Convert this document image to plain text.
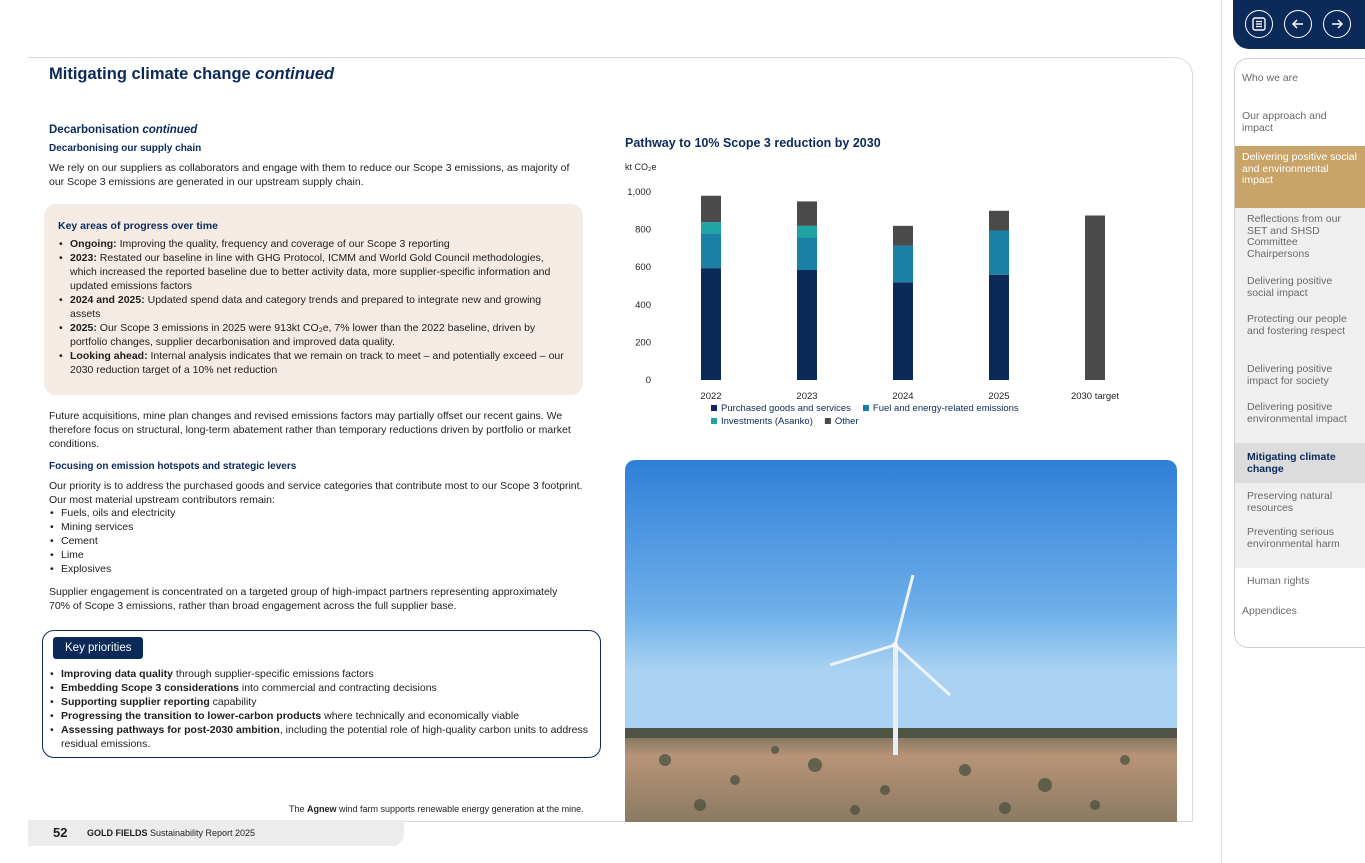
Mitigating climate change continued
Decarbonisation continued
Decarbonising our supply chain
We rely on our suppliers as collaborators and engage with them to reduce our Scope 3 emissions, as majority of our Scope 3 emissions are generated in our upstream supply chain.
Key areas of progress over time
• Ongoing: Improving the quality, frequency and coverage of our Scope 3 reporting
• 2023: Restated our baseline in line with GHG Protocol, ICMM and World Gold Council methodologies, which increased the reported baseline due to better activity data, more supplier-specific information and updated emissions factors
• 2024 and 2025: Updated spend data and category trends and prepared to integrate new and growing assets
• 2025: Our Scope 3 emissions in 2025 were 913kt CO₂e, 7% lower than the 2022 baseline, driven by portfolio changes, supplier decarbonisation and improved data quality.
• Looking ahead: Internal analysis indicates that we remain on track to meet – and potentially exceed – our 2030 reduction target of a 10% net reduction
Future acquisitions, mine plan changes and revised emissions factors may partially offset our recent gains. We therefore focus on structural, long-term abatement rather than temporary reductions driven by portfolio or market conditions.
Focusing on emission hotspots and strategic levers
Our priority is to address the purchased goods and service categories that contribute most to our Scope 3 footprint. Our most material upstream contributors remain:
• Fuels, oils and electricity
• Mining services
• Cement
• Lime
• Explosives
Supplier engagement is concentrated on a targeted group of high-impact partners representing approximately 70% of Scope 3 emissions, rather than broad engagement across the full supplier base.
Key priorities
• Improving data quality through supplier-specific emissions factors
• Embedding Scope 3 considerations into commercial and contracting decisions
• Supporting supplier reporting capability
• Progressing the transition to lower-carbon products where technically and economically viable
• Assessing pathways for post-2030 ambition, including the potential role of high-quality carbon units to address residual emissions.
Pathway to 10% Scope 3 reduction by 2030
kt CO₂e
0
200
400
600
800
1,000
2022	2023	2024	2025	2030 target
Purchased goods and services Fuel and energy-related emissions
Investments (Asanko) Other
The Agnew wind farm supports renewable energy generation at the mine.
52 GOLD FIELDS Sustainability Report 2025
Who we are
Our approach and impact
Delivering positive social and environmental impact
Reflections from our SET and SHSD Committee Chairpersons
Delivering positive social impact
Protecting our people and fostering respect
Delivering positive impact for society
Delivering positive environmental impact
Mitigating climate change
Preserving natural resources
Preventing serious environmental harm
Human rights
Appendices
